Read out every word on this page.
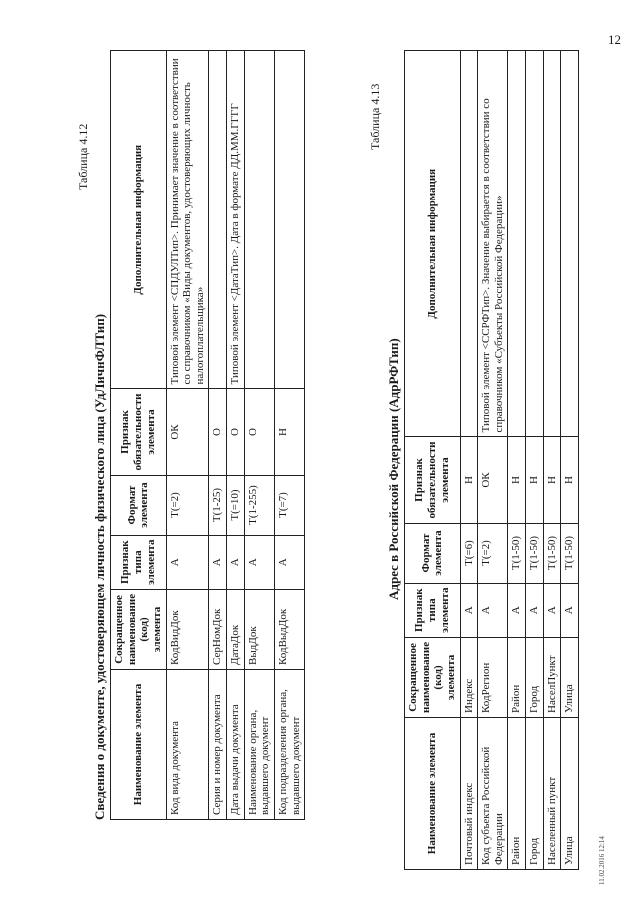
12
11.02.2016 12:14
Таблица 4.12
Сведения о документе, удостоверяющем личность физического лица (УдЛичнФЛТип) Наименование элемента	Сокращенное наименование (код) элемента	Признак типа элемента	Формат элемента	Признак обязательности элемента	Дополнительная информация
Код вида документа	КодВидДок	А	Т(=2)	ОК	Типовой элемент <СПДУЛТип>. Принимает значение в соответствии со справочником «Виды документов, удостоверяющих личность налогоплательщика»
Серия и номер документа	СерНомДок	А	Т(1-25)	О	
Дата выдачи документа	ДатаДок	А	Т(=10)	О	Типовой элемент <ДатаТип>. Дата в формате ДД.ММ.ГГГГ
Наименование органа, выдавшего документ	ВыдДок	А	Т(1-255)	О	
Код подразделения органа, выдавшего документ	КодВыдДок	А	Т(=7)	Н	
Таблица 4.13
Адрес в Российской Федерации (АдрРФТип)
Наименование элемента	Сокращенное наименование (код) элемента	Признак типа элемента	Формат элемента	Признак обязательности элемента	Дополнительная информация
Почтовый индекс	Индекс	А	Т(=6)	Н	
Код субъекта Российской Федерации	КодРегион	А	Т(=2)	ОК	Типовой элемент <ССРФТип>. Значение выбирается в соответствии со справочником «Субъекты Российской Федерации»
Район	Район	А	Т(1-50)	Н	
Город	Город	А	Т(1-50)	Н	
Населенный пункт	НаселПункт	А	Т(1-50)	Н	
Улица	Улица	А	Т(1-50)	Н	
